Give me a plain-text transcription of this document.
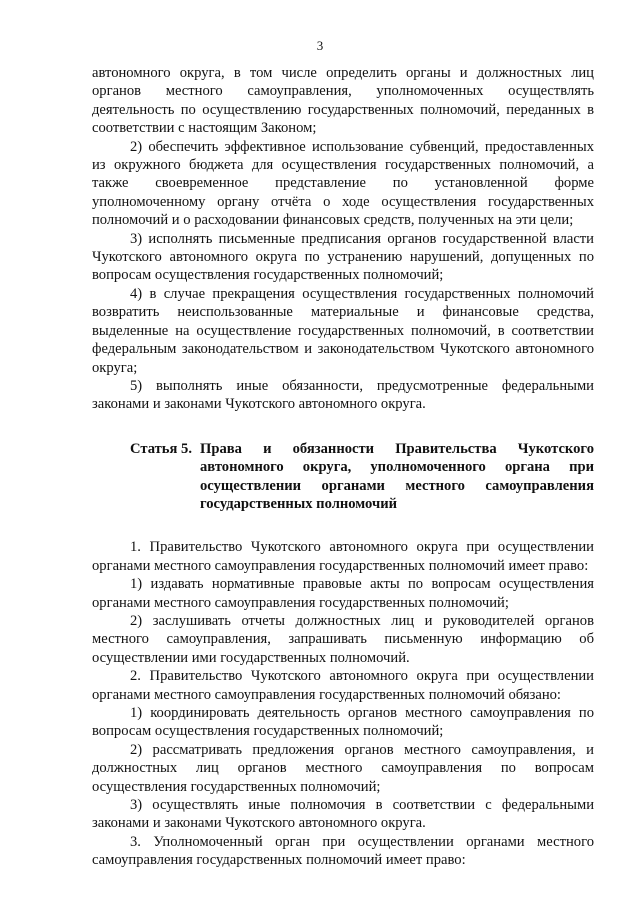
3

автономного округа, в том числе определить органы и должностных лиц органов местного самоуправления, уполномоченных осуществлять деятельность по осуществлению государственных полномочий, переданных в соответствии с настоящим Законом;

2) обеспечить эффективное использование субвенций, предоставленных из окружного бюджета для осуществления государственных полномочий, а также своевременное представление по установленной форме уполномоченному органу отчёта о ходе осуществления государственных полномочий и о расходовании финансовых средств, полученных на эти цели;

3) исполнять письменные предписания органов государственной власти Чукотского автономного округа по устранению нарушений, допущенных по вопросам осуществления государственных полномочий;

4) в случае прекращения осуществления государственных полномочий возвратить неиспользованные материальные и финансовые средства, выделенные на осуществление государственных полномочий, в соответствии федеральным законодательством и законодательством Чукотского автономного округа;

5) выполнять иные обязанности, предусмотренные федеральными законами и законами Чукотского автономного округа.

Статья 5. Права и обязанности Правительства Чукотского автономного округа, уполномоченного органа при осуществлении органами местного самоуправления государственных полномочий

1. Правительство Чукотского автономного округа при осуществлении органами местного самоуправления государственных полномочий имеет право:

1) издавать нормативные правовые акты по вопросам осуществления органами местного самоуправления государственных полномочий;

2) заслушивать отчеты должностных лиц и руководителей органов местного самоуправления, запрашивать письменную информацию об осуществлении ими государственных полномочий.

2. Правительство Чукотского автономного округа при осуществлении органами местного самоуправления государственных полномочий обязано:

1) координировать деятельность органов местного самоуправления по вопросам осуществления государственных полномочий;

2) рассматривать предложения органов местного самоуправления, и должностных лиц органов местного самоуправления по вопросам осуществления государственных полномочий;

3) осуществлять иные полномочия в соответствии с федеральными законами и законами Чукотского автономного округа.

3. Уполномоченный орган при осуществлении органами местного самоуправления государственных полномочий имеет право:
